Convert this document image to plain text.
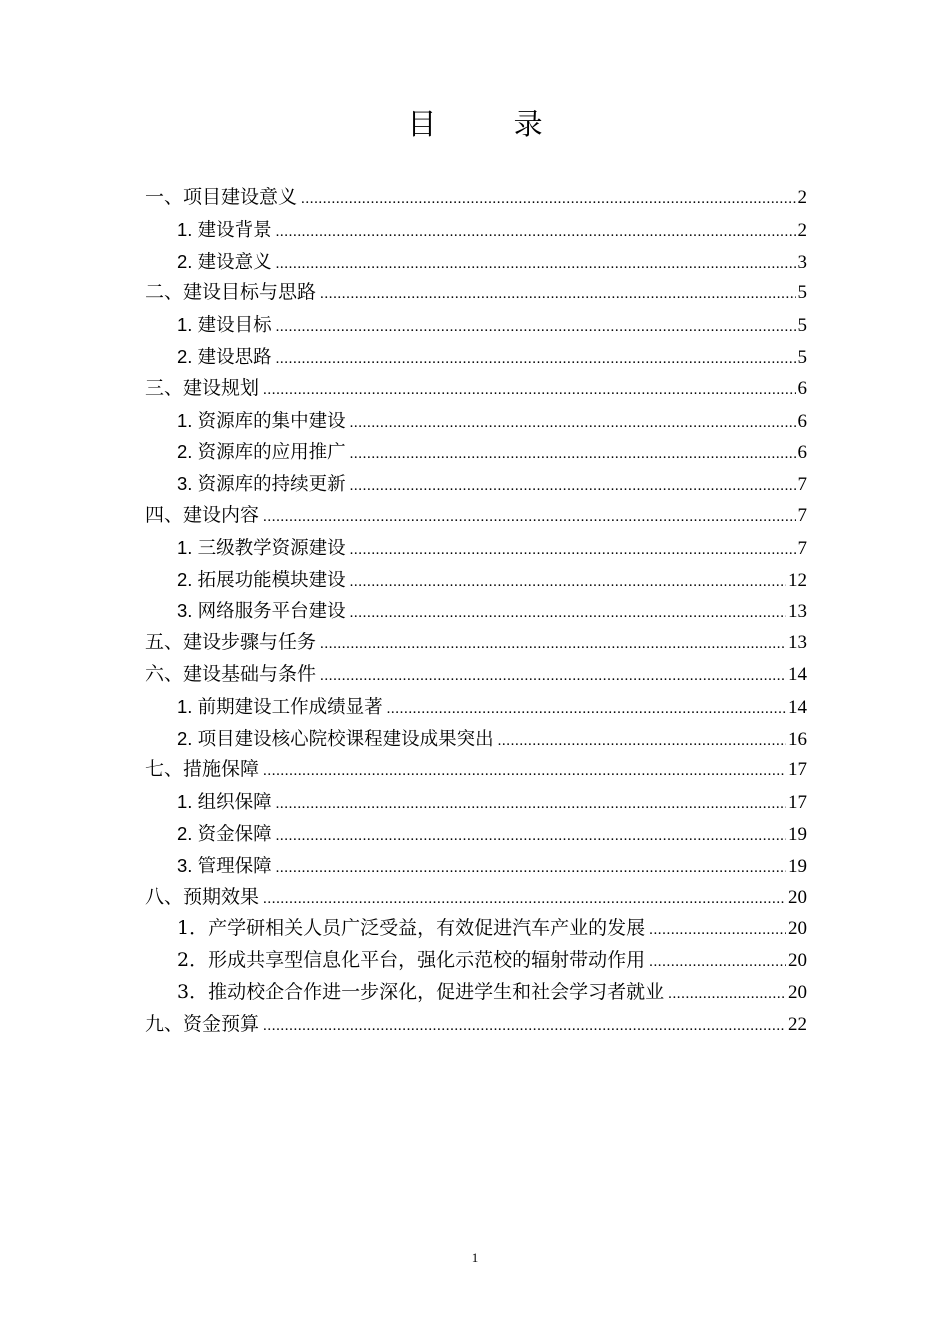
目 录
一、项目建设意义 .....	2
1. 建设背景 .....	2
2. 建设意义 .....	3
二、建设目标与思路 .....	5
1. 建设目标 .....	5
2. 建设思路 .....	5
三、建设规划 .....	6
1. 资源库的集中建设 .....	6
2. 资源库的应用推广 .....	6
3. 资源库的持续更新 .....	7
四、建设内容 .....	7
1. 三级教学资源建设 .....	7
2. 拓展功能模块建设 .....	12
3. 网络服务平台建设 .....	13
五、建设步骤与任务 .....	13
六、建设基础与条件 .....	14
1. 前期建设工作成绩显著 .....	14
2. 项目建设核心院校课程建设成果突出 .....	16
七、措施保障 .....	17
1. 组织保障 .....	17
2. 资金保障 .....	19
3. 管理保障 .....	19
八、预期效果 .....	20
1．产学研相关人员广泛受益，有效促进汽车产业的发展 .....	20
2．形成共享型信息化平台，强化示范校的辐射带动作用 .....	20
3．推动校企合作进一步深化，促进学生和社会学习者就业 .....	20
九、资金预算 .....	22
1
